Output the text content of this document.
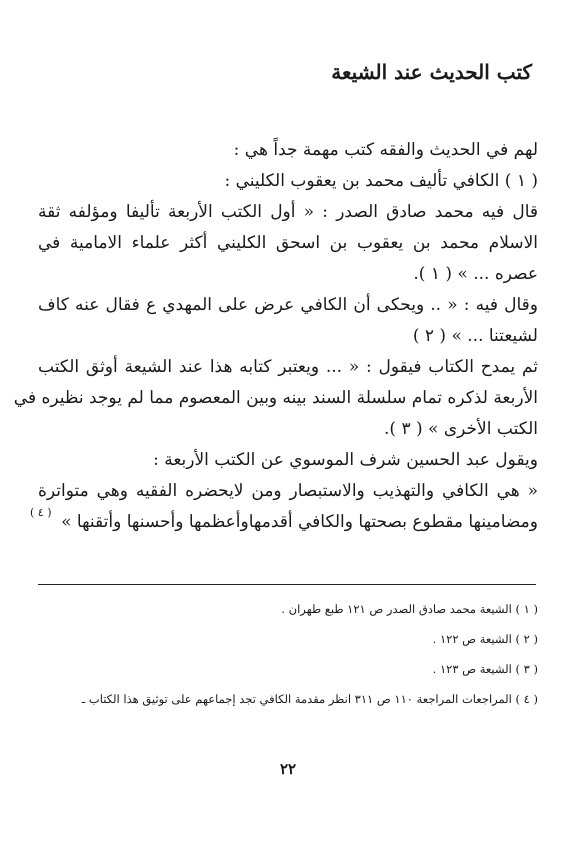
كتب الحديث عند الشيعة
لهم في الحديث والفقه كتب مهمة جداً هي :
( ١ ) الكافي تأليف محمد بن يعقوب الكليني :
قال فيه محمد صادق الصدر : « أول الكتب الأربعة تأليفا ومؤلفه ثقة
الاسلام محمد بن يعقوب بن اسحق الكليني أكثر علماء الامامية في
عصره ... » ( ١ ).
وقال فيه : « .. ويحكى أن الكافي عرض على المهدي ع فقال عنه كاف
لشيعتنا ... » ( ٢ )
ثم يمدح الكتاب فيقول : « ... ويعتبر كتابه هذا عند الشيعة أوثق الكتب
الأربعة لذكره تمام سلسلة السند بينه وبين المعصوم مما لم يوجد نظيره في
الكتب الأخرى » ( ٣ ).
ويقول عبد الحسين شرف الموسوي عن الكتب الأربعة :
« هي الكافي والتهذيب والاستبصار ومن لايحضره الفقيه وهي متواترة
ومضامينها مقطوع بصحتها والكافي أقدمهاوأعظمها وأحسنها وأتقنها »
( ٤ )
( ١ ) الشيعة محمد صادق الصدر ص ١٢١ طبع طهران .
( ٢ ) الشيعة ص ١٢٢ .
( ٣ ) الشيعة ص ١٢٣ .
( ٤ ) المراجعات المراجعة ١١٠ ص ٣١١ انظر مقدمة الكافي تجد إجماعهم على توثيق هذا الكتاب ـ
٢٢
